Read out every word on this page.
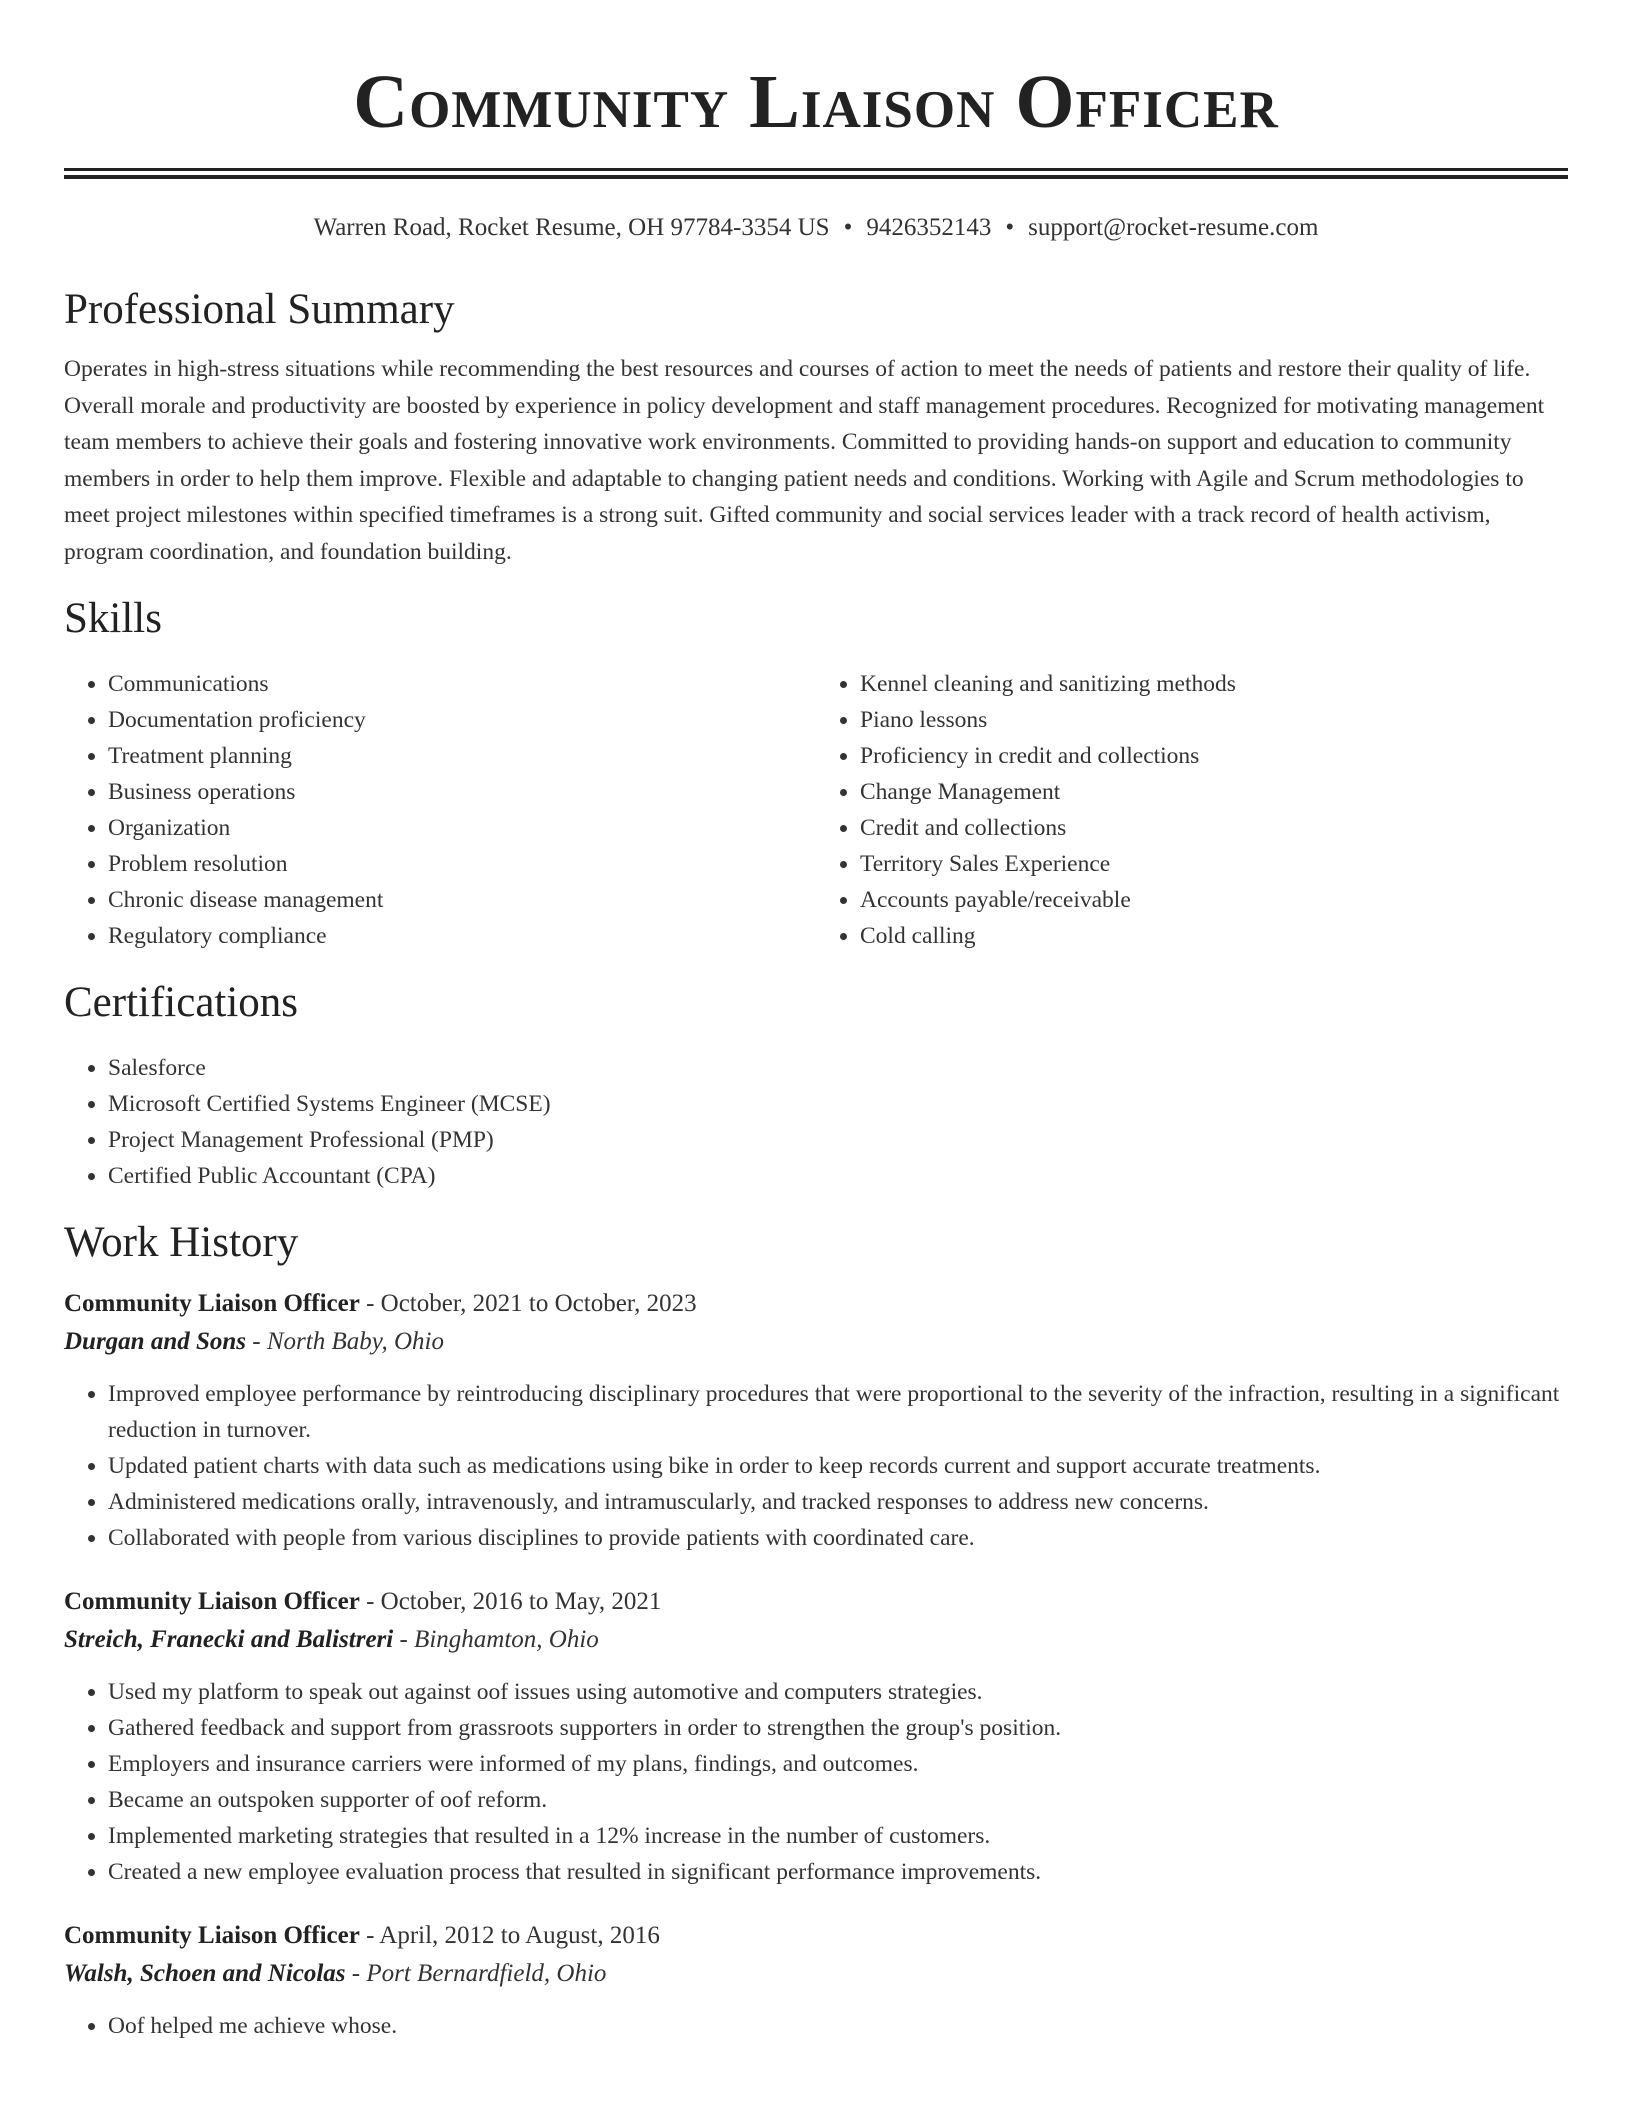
Community Liaison Officer
Warren Road, Rocket Resume, OH 97784-3354 US • 9426352143 • support@rocket-resume.com
Professional Summary

Operates in high-stress situations while recommending the best resources and courses of action to meet the needs of patients and restore their quality of life. Overall morale and productivity are boosted by experience in policy development and staff management procedures. Recognized for motivating management team members to achieve their goals and fostering innovative work environments. Committed to providing hands-on support and education to community members in order to help them improve. Flexible and adaptable to changing patient needs and conditions. Working with Agile and Scrum methodologies to meet project milestones within specified timeframes is a strong suit. Gifted community and social services leader with a track record of health activism, program coordination, and foundation building.

Skills
• Communications
• Documentation proficiency
• Treatment planning
• Business operations
• Organization
• Problem resolution
• Chronic disease management
• Regulatory compliance
• Kennel cleaning and sanitizing methods
• Piano lessons
• Proficiency in credit and collections
• Change Management
• Credit and collections
• Territory Sales Experience
• Accounts payable/receivable
• Cold calling
Certifications
• Salesforce
• Microsoft Certified Systems Engineer (MCSE)
• Project Management Professional (PMP)
• Certified Public Accountant (CPA)
Work History
Community Liaison Officer - October, 2021 to October, 2023
Durgan and Sons - North Baby, Ohio
• Improved employee performance by reintroducing disciplinary procedures that were proportional to the severity of the infraction, resulting in a significant reduction in turnover.
• Updated patient charts with data such as medications using bike in order to keep records current and support accurate treatments.
• Administered medications orally, intravenously, and intramuscularly, and tracked responses to address new concerns.
• Collaborated with people from various disciplines to provide patients with coordinated care.
Community Liaison Officer - October, 2016 to May, 2021
Streich, Franecki and Balistreri - Binghamton, Ohio
• Used my platform to speak out against oof issues using automotive and computers strategies.
• Gathered feedback and support from grassroots supporters in order to strengthen the group's position.
• Employers and insurance carriers were informed of my plans, findings, and outcomes.
• Became an outspoken supporter of oof reform.
• Implemented marketing strategies that resulted in a 12% increase in the number of customers.
• Created a new employee evaluation process that resulted in significant performance improvements.
Community Liaison Officer - April, 2012 to August, 2016
Walsh, Schoen and Nicolas - Port Bernardfield, Ohio
• Oof helped me achieve whose.
